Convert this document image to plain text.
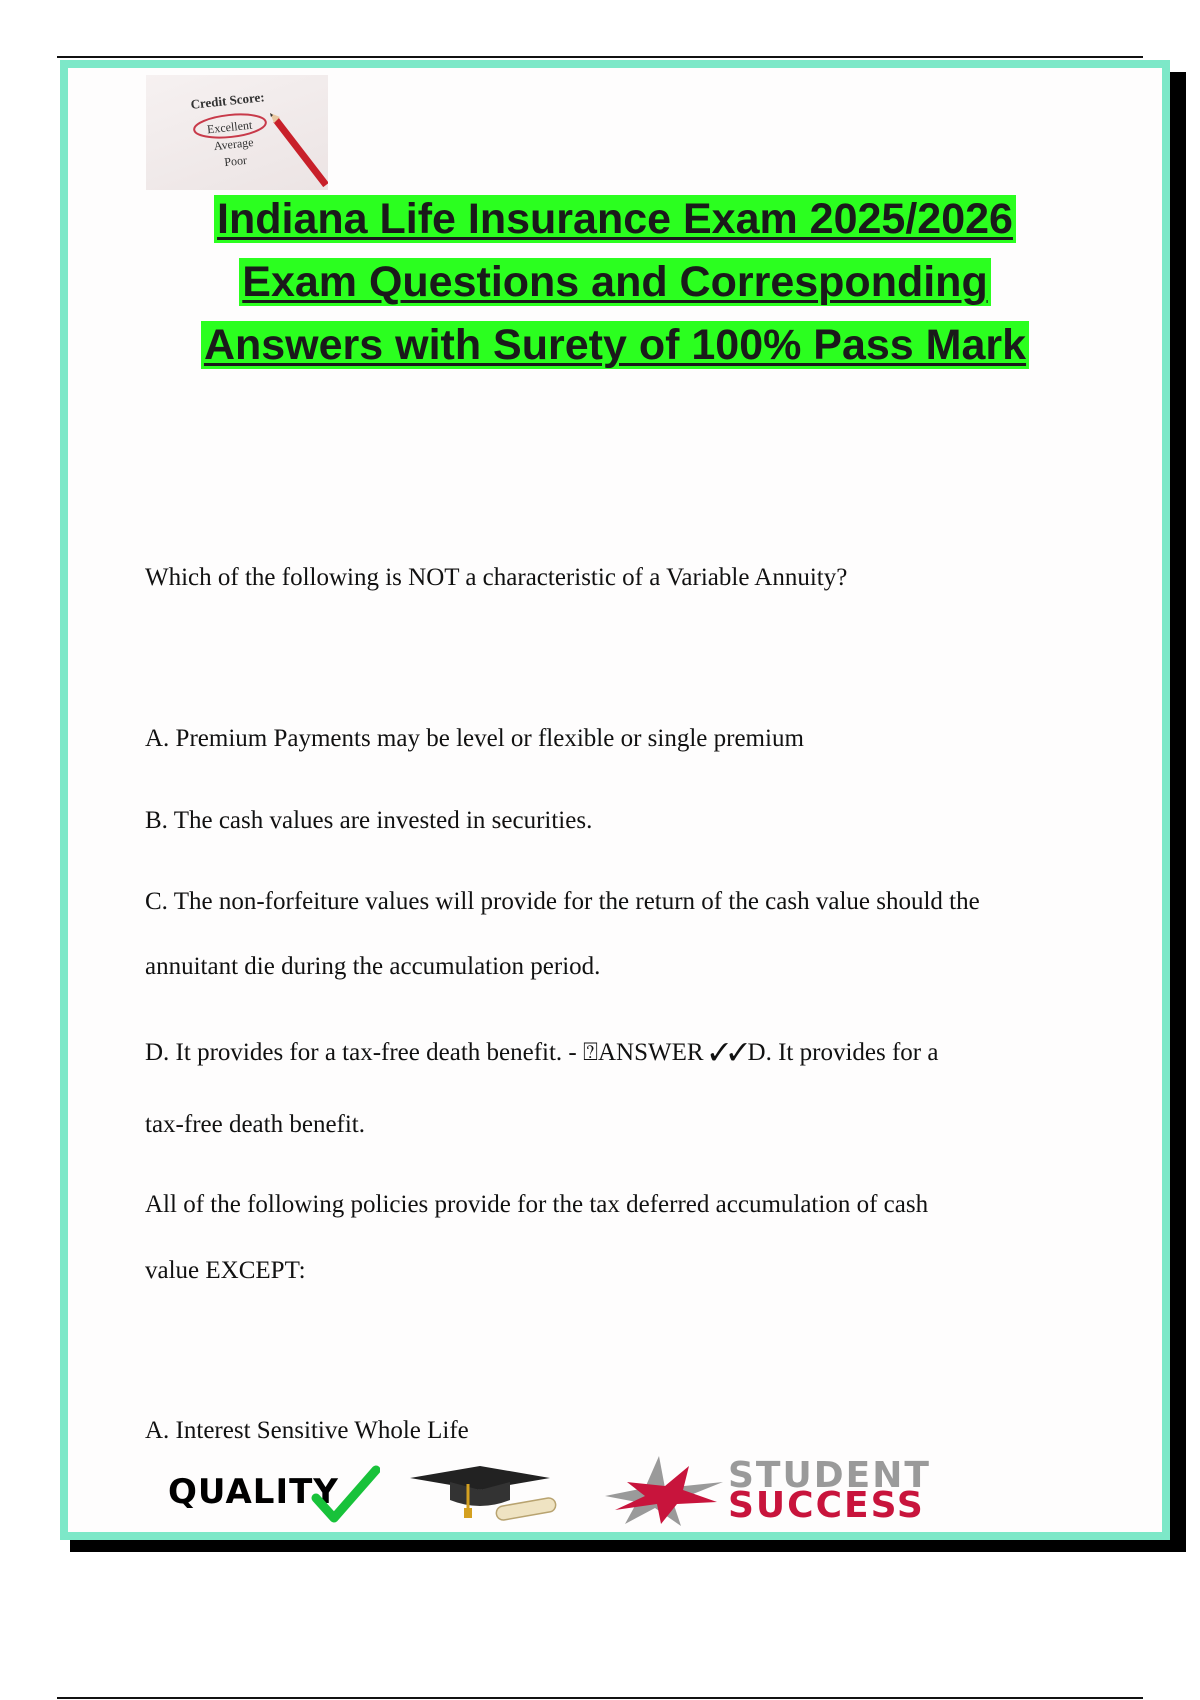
Credit Score:
Excellent
Average
Poor
Indiana Life Insurance Exam 2025/2026
Exam Questions and Corresponding
Answers with Surety of 100% Pass Mark
Which of the following is NOT a characteristic of a Variable Annuity?
A. Premium Payments may be level or flexible or single premium
B. The cash values are invested in securities.
C. The non-forfeiture values will provide for the return of the cash value should the
annuitant die during the accumulation period.
D. It provides for a tax-free death benefit. - ⍰ANSWER ✓✓D. It provides for a
tax-free death benefit.
All of the following policies provide for the tax deferred accumulation of cash
value EXCEPT:
A. Interest Sensitive Whole Life
QUALITY	STUDENT
SUCCESS
